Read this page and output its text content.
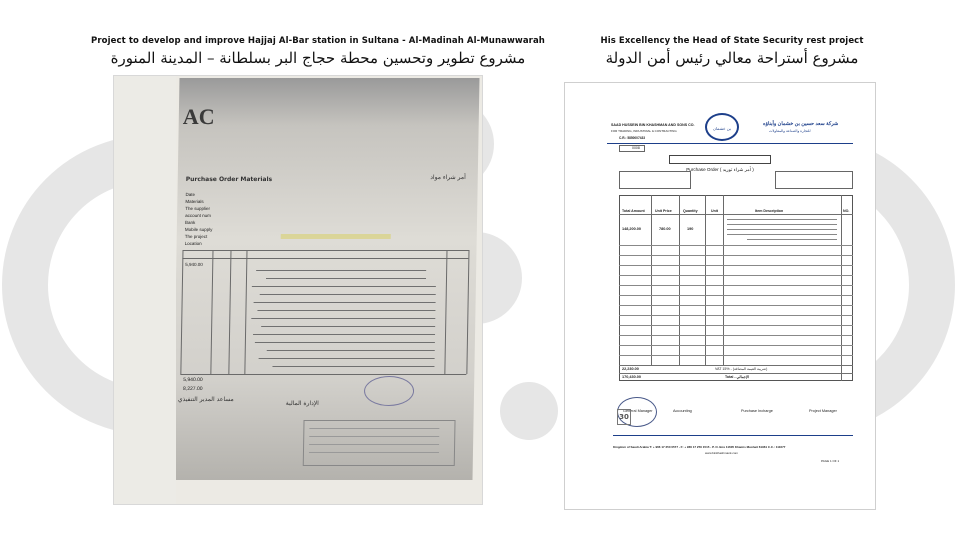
Project to develop and improve Hajjaj Al-Bar station in Sultana - Al-Madinah Al-Munawwarah
مشروع تطوير وتحسين محطة حجاج البر بسلطانة – المدينة المنورة
His Excellency the Head of State Security rest project
مشروع أستراحة معالي رئيس أمن الدولة
AC
Purchase Order Materials	أمر شراء مواد
Date
Materials
The supplier
account num
Bank
Mobile supply
The project
Location
5,940.00
5,940.00
8,227.00
مساعد المدير التنفيذي
الإدارة المالية
SAAD HUSSEIN BIN KHASHMAN AND SONS CO.
FOR TRADING, INDUSTRIAL & CONTRACTING
C.R.: 5850007433
بن خشمان
شركة سعد حسين بن خشمان وأبناؤه
للتجارة والصناعة والمقاولات
0008
Purchase Order ( أمر شراء توريد )
Total Amount	Unit Price	Quantity	Unit	Item Description	NO.
148,200.00	780.00	190
22,230.00	VAT 15% - (ضريبة القيمة المضافة)
170,430.00	Total - الإجمالي
General Manager	Accounting	Purchase Incharge	Project Manager
30
Kingdom of Saudi Arabia T: + 966 17 250 0577 - F: + 966 17 250 1515 - P. O. Box 11605 Khamis Mushait 61961 C.C.: 111677
www.binkhashmank.com
PAGE 1 OF 1
